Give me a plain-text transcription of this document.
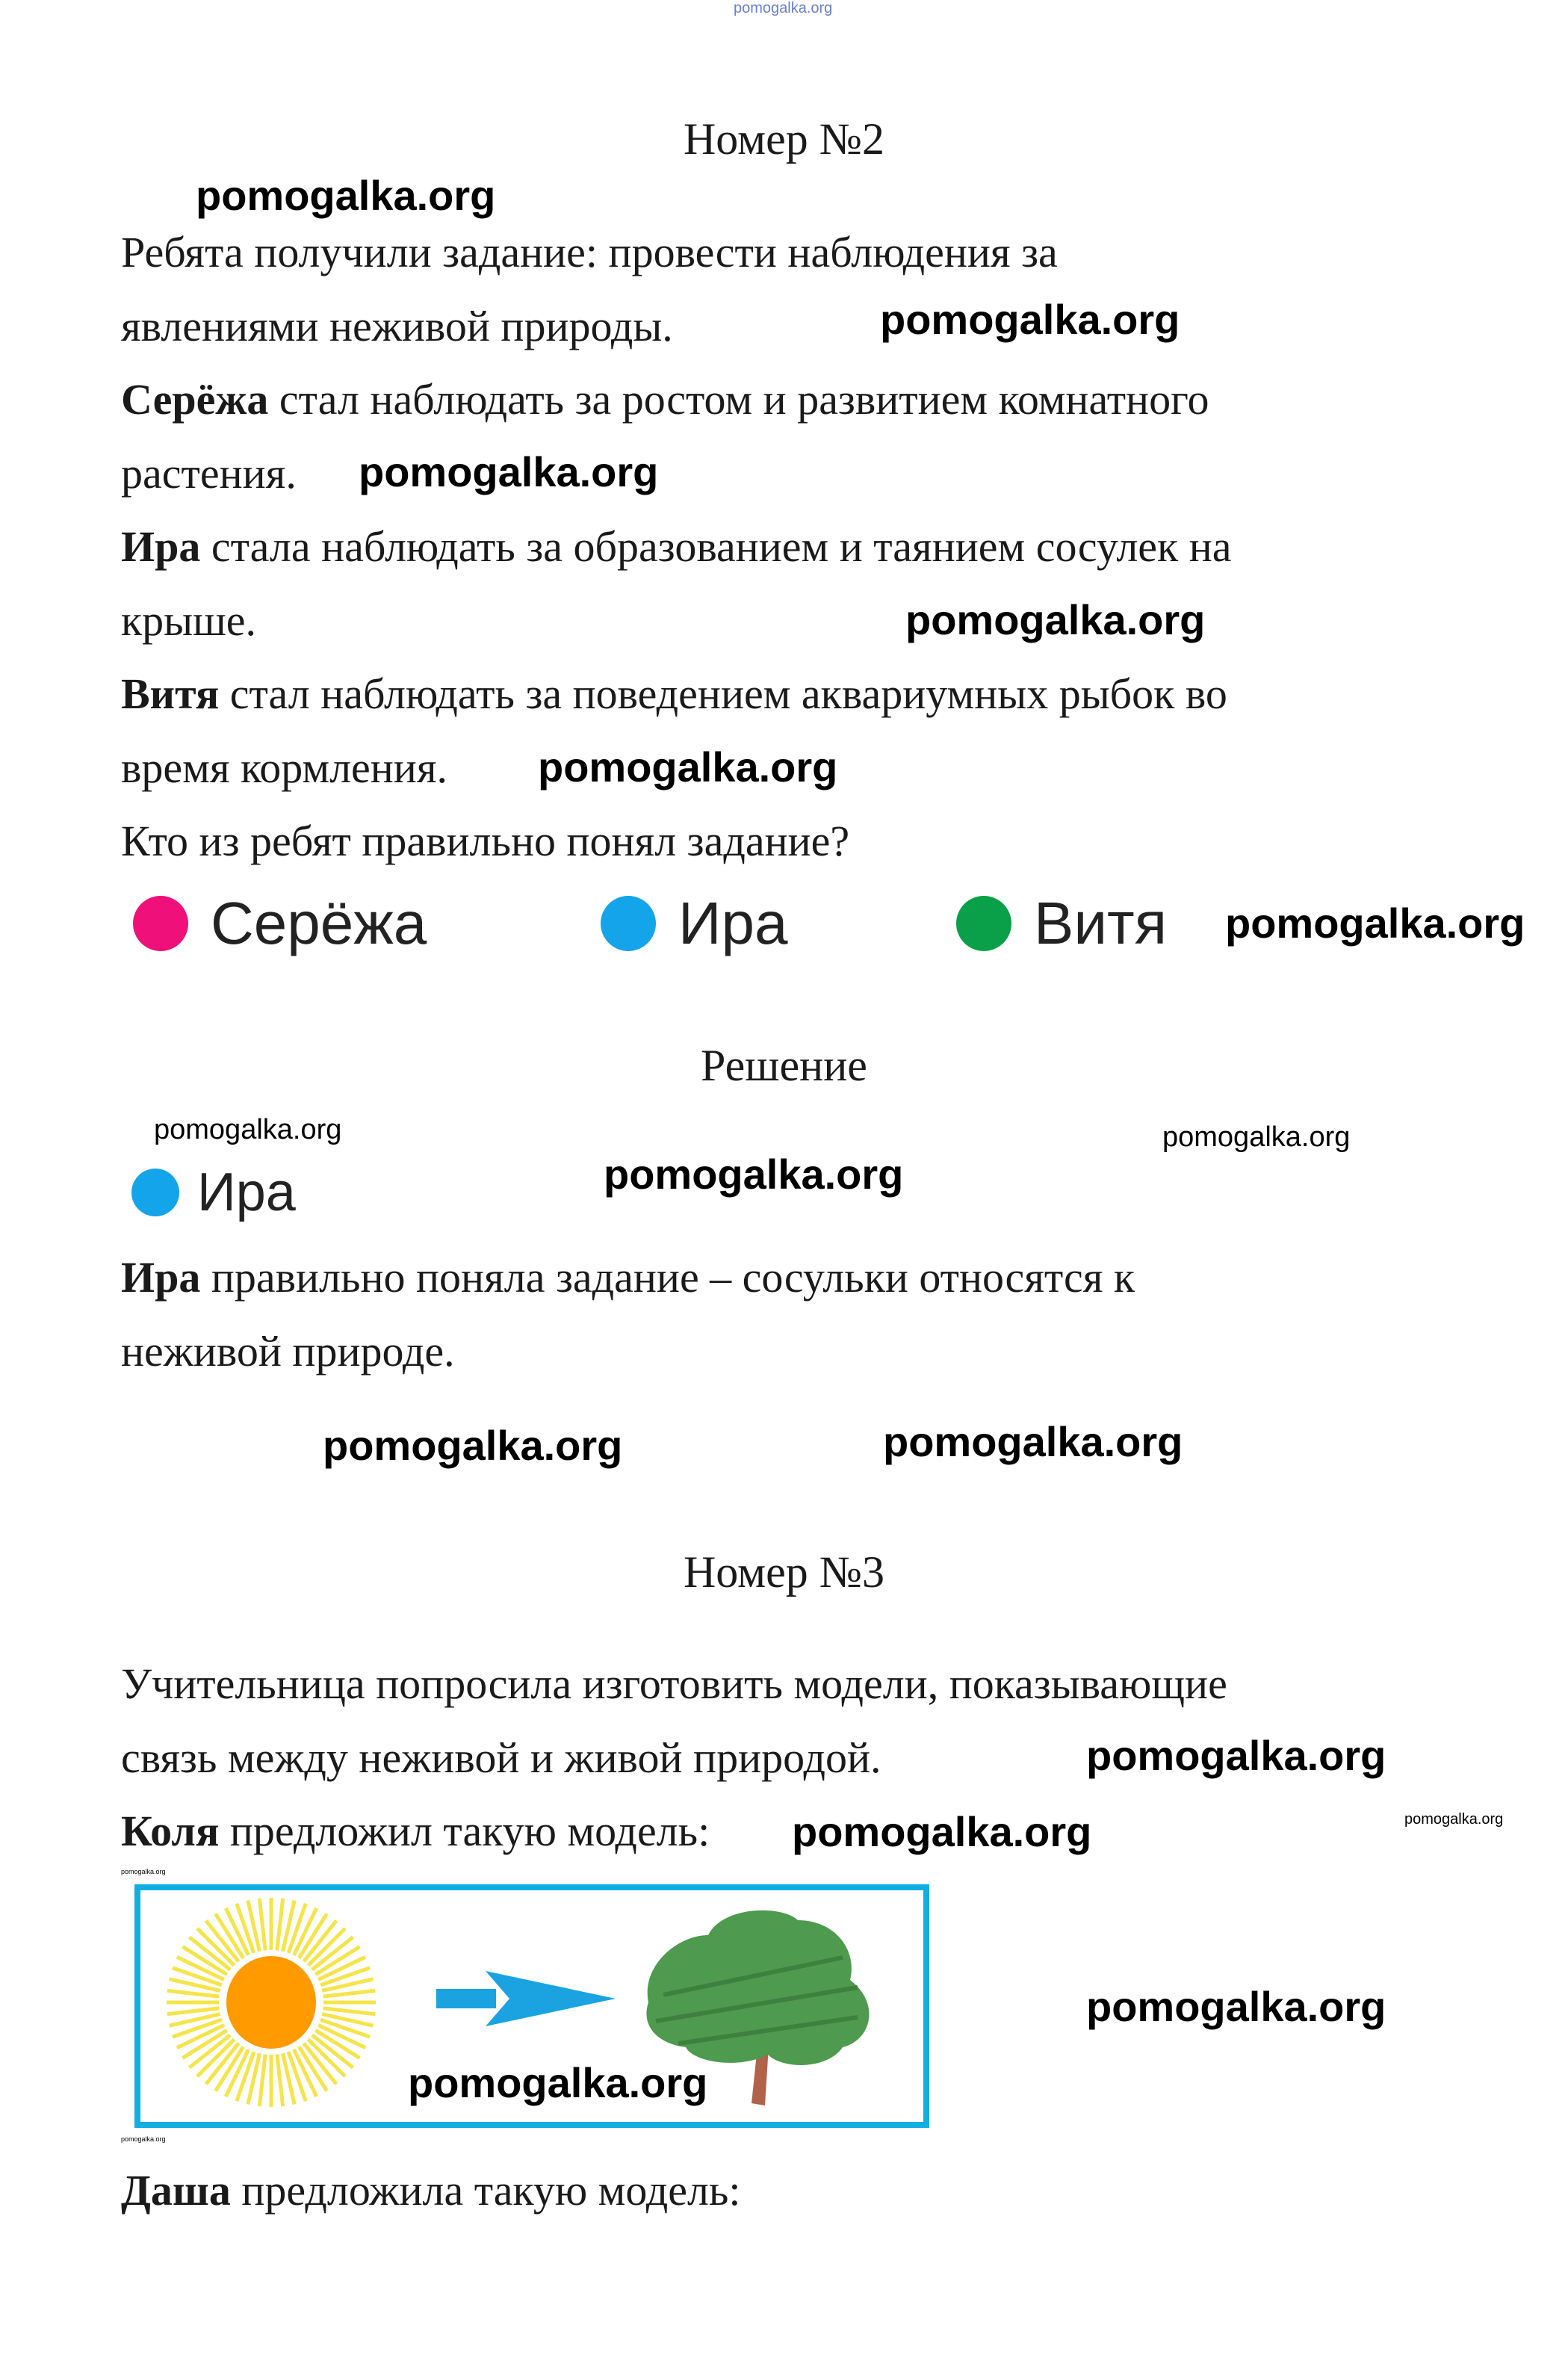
pomogalka.org
Номер №2
Ребята получили задание: провести наблюдения за
явлениями неживой природы.
Серёжа стал наблюдать за ростом и развитием комнатного
растения.
Ира стала наблюдать за образованием и таянием сосулек на
крыше.
Витя стал наблюдать за поведением аквариумных рыбок во
время кормления.
Кто из ребят правильно понял задание?
Серёжа	Ира	Витя
Решение
Ира
Ира правильно поняла задание – сосульки относятся к
неживой природе.
Номер №3
Учительница попросила изготовить модели, показывающие
связь между неживой и живой природой.
Коля предложил такую модель:
Даша предложила такую модель:
pomogalka.org
pomogalka.org
pomogalka.org
pomogalka.org
pomogalka.org
pomogalka.org
pomogalka.org
pomogalka.org
pomogalka.org
pomogalka.org	pomogalka.org
pomogalka.org
pomogalka.org
pomogalka.org
pomogalka.org
pomogalka.org
pomogalka.org
pomogalka.org
